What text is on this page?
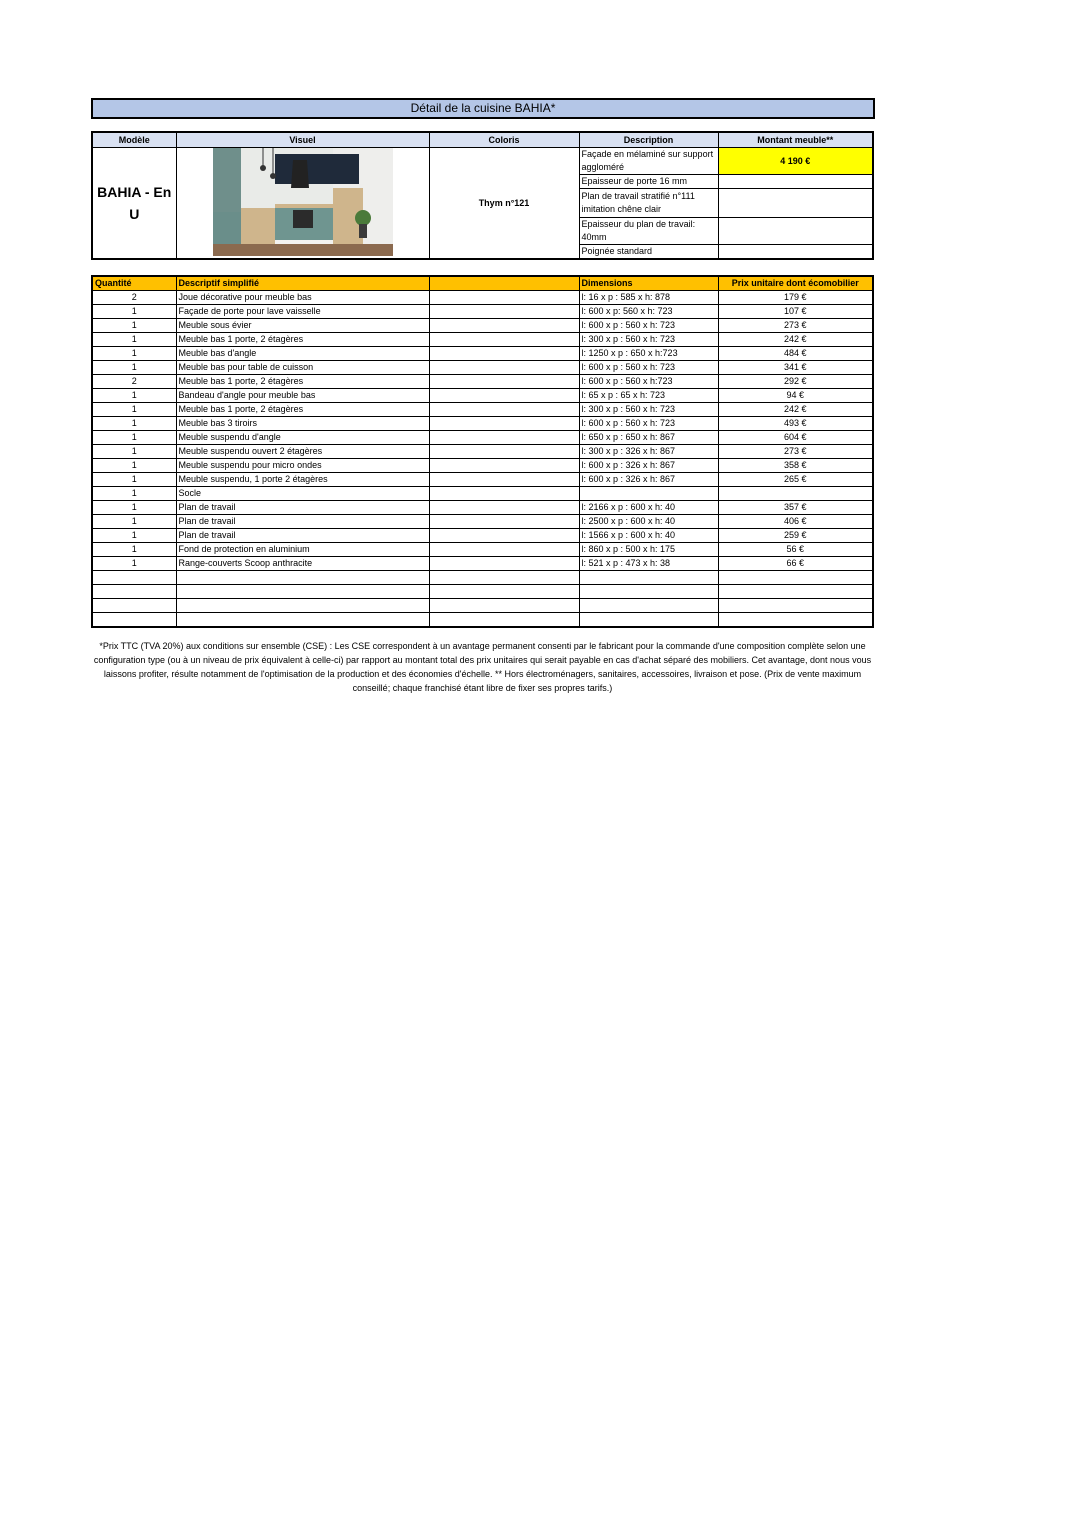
Détail de la cuisine BAHIA*
Modèle	Visuel	Coloris	Description	Montant meuble**
BAHIA - En U		Thym n°121	Façade en mélaminé sur support aggloméré	4 190 €

			Epaisseur de porte 16 mm	
			Plan de travail stratifié n°111 imitation chêne clair	

			Epaisseur du plan de travail: 40mm	
			Poignée standard	
Quantité	Descriptif simplifié		Dimensions	Prix unitaire dont écomobilier
2	Joue décorative pour meuble bas		l: 16 x p : 585 x h: 878	179 €
1	Façade de porte pour lave vaisselle		l: 600 x p: 560 x h: 723	107 €
1	Meuble sous évier		l: 600 x p : 560 x h: 723	273 €
1	Meuble bas 1 porte, 2 étagères		l: 300 x p : 560 x h: 723	242 €
1	Meuble bas d'angle		l: 1250 x p : 650 x h:723	484 €
1	Meuble bas pour table de cuisson		l: 600 x p : 560 x h: 723	341 €
2	Meuble bas 1 porte, 2 étagères		l: 600 x p : 560 x h:723	292 €
1	Bandeau d'angle pour meuble bas		l: 65 x p : 65 x h: 723	94 €
1	Meuble bas 1 porte, 2 étagères		l: 300 x p : 560 x h: 723	242 €
1	Meuble bas 3 tiroirs		l: 600 x p : 560 x h: 723	493 €
1	Meuble suspendu d'angle		l: 650 x p : 650 x h: 867	604 €
1	Meuble suspendu ouvert 2 étagères		l: 300 x p : 326 x h: 867	273 €
1	Meuble suspendu pour micro ondes		l: 600 x p : 326 x h: 867	358 €
1	Meuble suspendu, 1 porte 2 étagères		l: 600 x p : 326 x h: 867	265 €
1	Socle			
1	Plan de travail		l: 2166 x p : 600 x h: 40	357 €
1	Plan de travail		l: 2500 x p : 600 x h: 40	406 €
1	Plan de travail		l: 1566 x p : 600 x h: 40	259 €
1	Fond de protection en aluminium		l: 860 x p : 500 x h: 175	56 €
1	Range-couverts Scoop anthracite		l: 521 x p : 473 x h: 38	66 €

*Prix TTC (TVA 20%) aux conditions sur ensemble (CSE) : Les CSE correspondent à un avantage permanent consenti par le fabricant pour la commande d'une composition complète selon une configuration type (ou à un niveau de prix équivalent à celle-ci) par rapport au montant total des prix unitaires qui serait payable en cas d'achat séparé des mobiliers. Cet avantage, dont nous vous laissons profiter, résulte notamment de l'optimisation de la production et des économies d'échelle. ** Hors électroménagers, sanitaires, accessoires, livraison et pose. (Prix de vente maximum conseillé; chaque franchisé étant libre de fixer ses propres tarifs.)
